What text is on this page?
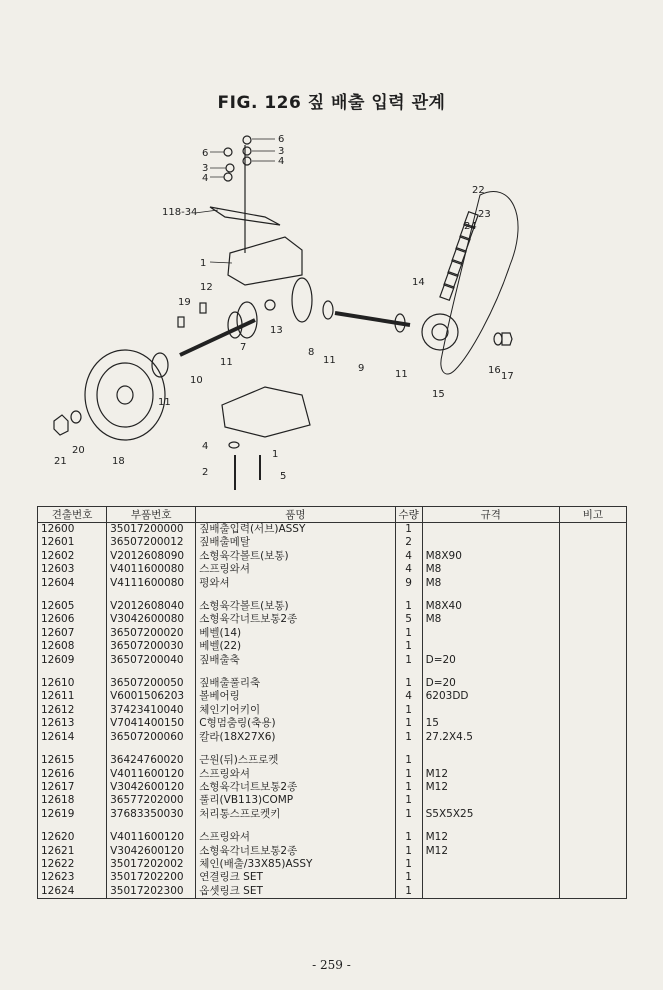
FIG. 126 짚 배출 입력 관계
22
23
24
118-34
6
3
4
6
3
4
1
12
19
14
13
8
11
9
11
7
11
16
17
15
10
11
18
20
21
1
4
2	5
견출번호	부품번호	품명	수량	규격	비고
12600	35017200000	짚배출입력(서브)ASSY	1		
12601	36507200012	짚배출메탈	2		
12602	V2012608090	소형육각볼트(보통)	4	M8X90	
12603	V4011600080	스프링와셔	4	M8	
12604	V4111600080	평와셔	9	M8	

12605	V2012608040	소형육각볼트(보통)	1	M8X40	
12606	V3042600080	소형육각너트보통2종	5	M8	
12607	36507200020	베벨(14)	1		
12608	36507200030	베벨(22)	1		
12609	36507200040	짚배출축	1	D=20	

12610	36507200050	짚배출풀리축	1	D=20	
12611	V6001506203	볼베어링	4	6203DD	
12612	37423410040	체인기어키이	1		
12613	V7041400150	C형멈춤링(축용)	1	15	
12614	36507200060	칼라(18X27X6)	1	27.2X4.5	

12615	36424760020	근원(뒤)스프로켓	1		
12616	V4011600120	스프링와셔	1	M12	
12617	V3042600120	소형육각너트보통2종	1	M12	
12618	36577202000	풀리(VB113)COMP	1		
12619	37683350030	처리통스프로켓키	1	S5X5X25	

12620	V4011600120	스프링와셔	1	M12	
12621	V3042600120	소형육각너트보통2종	1	M12	
12622	35017202002	체인(배출/33X85)ASSY	1		
12623	35017202200	연결링크 SET	1		
12624	35017202300	옵셋링크 SET	1		
- 259 -
